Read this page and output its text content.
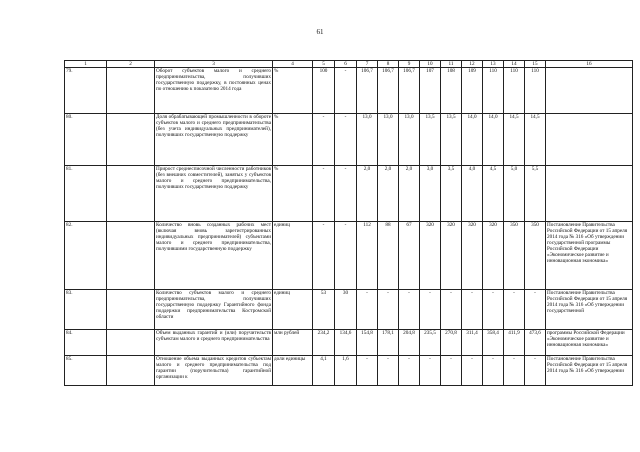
61
1	2	3	4	5	6	7	8	9	10	11	12	13	14	15	16
79.		Оборот субъектов малого и среднего предпринимательства, получивших государственную поддержку, в постоянных ценах по отношению к показателю 2014 года	%	100	-	106,7	106,7	106,7	107	108	109	110	110	110	
80.		Доля обрабатывающей промышленности в обороте субъектов малого и среднего предпринимательства (без учета индивидуальных предпринимателей), получивших государственную поддержку	%	-	-	13,0	13,0	13,0	13,5	13,5	14,0	14,0	14,5	14,5	
81.		Прирост среднесписочной численности работников (без внешних совместителей), занятых у субъектов малого и среднего предпринимательства, получивших государственную поддержку	%	-	-	2,0	2,0	2,0	3,0	3,5	4,0	4,5	5,0	5,5	
82.		Количество вновь созданных рабочих мест (включая вновь зарегистрированных индивидуальных предпринимателей) субъектами малого и среднего предпринимательства, получившими государственную поддержку	единиц	-	-	112	88	67	320	320	320	320	350	350	Постановление Правительства Российской Федерации от 15 апреля 2014 года № 316 «Об утверждении государственной программы Российской Федерации «Экономическое развитие и инновационная экономика»
83.		Количество субъектов малого и среднего предпринимательства, получивших государственную поддержку Гарантийного фонда поддержки предпринимательства Костромской области	единиц	53	30	-	-	-	-	-	-	-	-	-	Постановление Правительства Российской Федерации от 15 апреля 2014 года № 316 «Об утверждении государственной
84.		Объем выданных гарантий и (или) поручительств субъектам малого и среднего предпринимательства	млн рублей	234,2	134,6	154,8	178,1	204,8	235,5	270,8	311,4	358,4	411,9	473,6	программы Российской Федерации «Экономическое развитие и инновационная экономика»
85.		Отношение объема выданных кредитов субъектам малого и среднего предпринимательства под гарантии (поручительства) гарантийной организации к	доли единицы	4,1	1,6	-	-	-	-	-	-	-	-	-	Постановление Правительства Российской Федерации от 15 апреля 2014 года № 316 «Об утверждении
